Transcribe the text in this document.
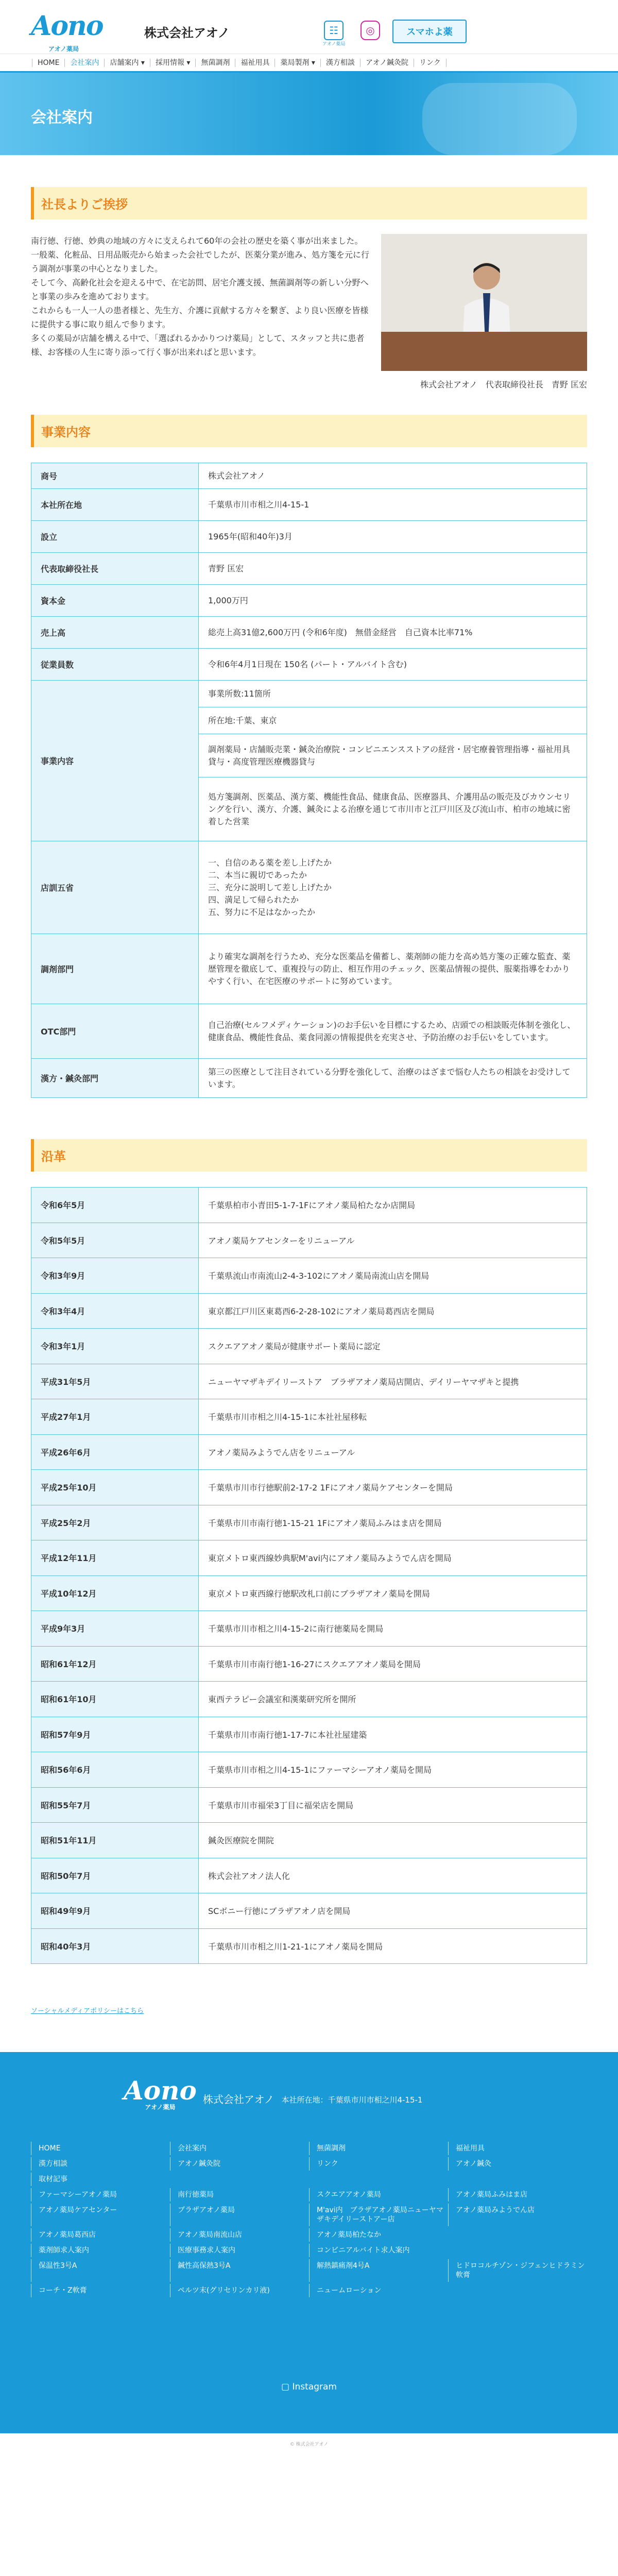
Aono
アオノ薬局
株式会社アオノ	☷
アオノ薬局
◎	スマホよ薬
HOME	会社案内	店舗案内 ▾	採用情報 ▾	無菌調剤	福祉用具	薬局製剤 ▾	漢方相談	アオノ鍼灸院	リンク
会社案内
社長よりご挨拶

南行徳、行徳、妙典の地域の方々に支えられて60年の会社の歴史を築く事が出来ました。

一般薬、化粧品、日用品販売から始まった会社でしたが、医薬分業が進み、処方箋を元に行う調剤が事業の中心となりました。

そして今、高齢化社会を迎える中で、在宅訪問、居宅介護支援、無菌調剤等の新しい分野へと事業の歩みを進めております。

これからも一人一人の患者様と、先生方、介護に貢献する方々を繋ぎ、より良い医療を皆様に提供する事に取り組んで参ります。

多くの薬局が店舗を構える中で、「選ばれるかかりつけ薬局」として、スタッフと共に患者様、お客様の人生に寄り添って行く事が出来ればと思います。

株式会社アオノ　代表取締役社長　青野 匡宏
事業内容
商号	株式会社アオノ
本社所在地	千葉県市川市相之川4-15-1
設立	1965年(昭和40年)3月
代表取締役社長	青野 匡宏
資本金	1,000万円
売上高	総売上高31億2,600万円 (令和6年度)　無借金経営　自己資本比率71%
従業員数	令和6年4月1日現在 150名 (パート・アルバイト含む)
事業内容	事業所数:11箇所
	所在地:千葉、東京
	調剤薬局・店舗販売業・鍼灸治療院・コンビニエンスストアの経営・居宅療養管理指導・福祉用具貸与・高度管理医療機器貸与
	処方箋調剤、医薬品、漢方薬、機能性食品、健康食品、医療器具、介護用品の販売及びカウンセリングを行い、漢方、介護、鍼灸による治療を通じて市川市と江戸川区及び流山市、柏市の地域に密着した営業
店訓五省	一、自信のある薬を差し上げたか
二、本当に親切であったか
三、充分に説明して差し上げたか
四、満足して帰られたか
五、努力に不足はなかったか
調剤部門	より確実な調剤を行うため、充分な医薬品を備蓄し、薬剤師の能力を高め処方箋の正確な監査、薬歴管理を徹底して、重複投与の防止、相互作用のチェック、医薬品情報の提供、服薬指導をわかりやすく行い、在宅医療のサポートに努めています。
OTC部門	自己治療(セルフメディケーション)のお手伝いを目標にするため、店頭での相談販売体制を強化し、健康食品、機能性食品、薬食同源の情報提供を充実させ、予防治療のお手伝いをしています。
漢方・鍼灸部門	第三の医療として注目されている分野を強化して、治療のはざまで悩む人たちの相談をお受けしています。
沿革
令和6年5月	千葉県柏市小青田5-1-7-1Fにアオノ薬局柏たなか店開局
令和5年5月	アオノ薬局ケアセンターをリニューアル
令和3年9月	千葉県流山市南流山2-4-3-102にアオノ薬局南流山店を開局
令和3年4月	東京都江戸川区東葛西6-2-28-102にアオノ薬局葛西店を開局
令和3年1月	スクエアアオノ薬局が健康サポート薬局に認定
平成31年5月	ニューヤマザキデイリーストア　ブラザアオノ薬局店開店、デイリーヤマザキと提携
平成27年1月	千葉県市川市相之川4-15-1に本社社屋移転
平成26年6月	アオノ薬局みようでん店をリニューアル
平成25年10月	千葉県市川市行徳駅前2-17-2 1Fにアオノ薬局ケアセンターを開局
平成25年2月	千葉県市川市南行徳1-15-21 1Fにアオノ薬局ふみはま店を開局
平成12年11月	東京メトロ東西線妙典駅M'avi内にアオノ薬局みようでん店を開局
平成10年12月	東京メトロ東西線行徳駅改札口前にブラザアオノ薬局を開局
平成9年3月	千葉県市川市相之川4-15-2に南行徳薬局を開局
昭和61年12月	千葉県市川市南行徳1-16-27にスクエアアオノ薬局を開局
昭和61年10月	東西テラピー会議室和漢薬研究所を開所
昭和57年9月	千葉県市川市南行徳1-17-7に本社社屋建築
昭和56年6月	千葉県市川市相之川4-15-1にファーマシーアオノ薬局を開局
昭和55年7月	千葉県市川市福栄3丁目に福栄店を開局
昭和51年11月	鍼灸医療院を開院
昭和50年7月	株式会社アオノ法人化
昭和49年9月	SCボニー行徳にブラザアオノ店を開局
昭和40年3月	千葉県市川市相之川1-21-1にアオノ薬局を開局
ソーシャルメディアポリシーはこちら
Aono
アオノ薬局
株式会社アオノ 本社所在地：千葉県市川市相之川4-15-1
HOME	会社案内	無菌調剤	福祉用具
漢方相談	アオノ鍼灸院	リンク	アオノ鍼灸
取材記事
ファーマシーアオノ薬局	南行徳薬局	スクエアアオノ薬局	アオノ薬局ふみはま店
アオノ薬局ケアセンター	ブラザアオノ薬局	M'avi内　ブラザアオノ薬局ニューヤマザキデイリーストアー店
アオノ薬局みようでん店
アオノ薬局葛西店	アオノ薬局南流山店	アオノ薬局柏たなか
薬剤師求人案内	医療事務求人案内	コンビニアルバイト求人案内
保温性3号A	鍼性高保熱3号A	解熱鎮痛剤4号A	ヒドロコルチゾン・ジフェンヒドラミン軟膏
コーチ・Z軟膏	ペルツ末(グリセリンカリ液)	ニュームローション
▢ Instagram
© 株式会社アオノ
